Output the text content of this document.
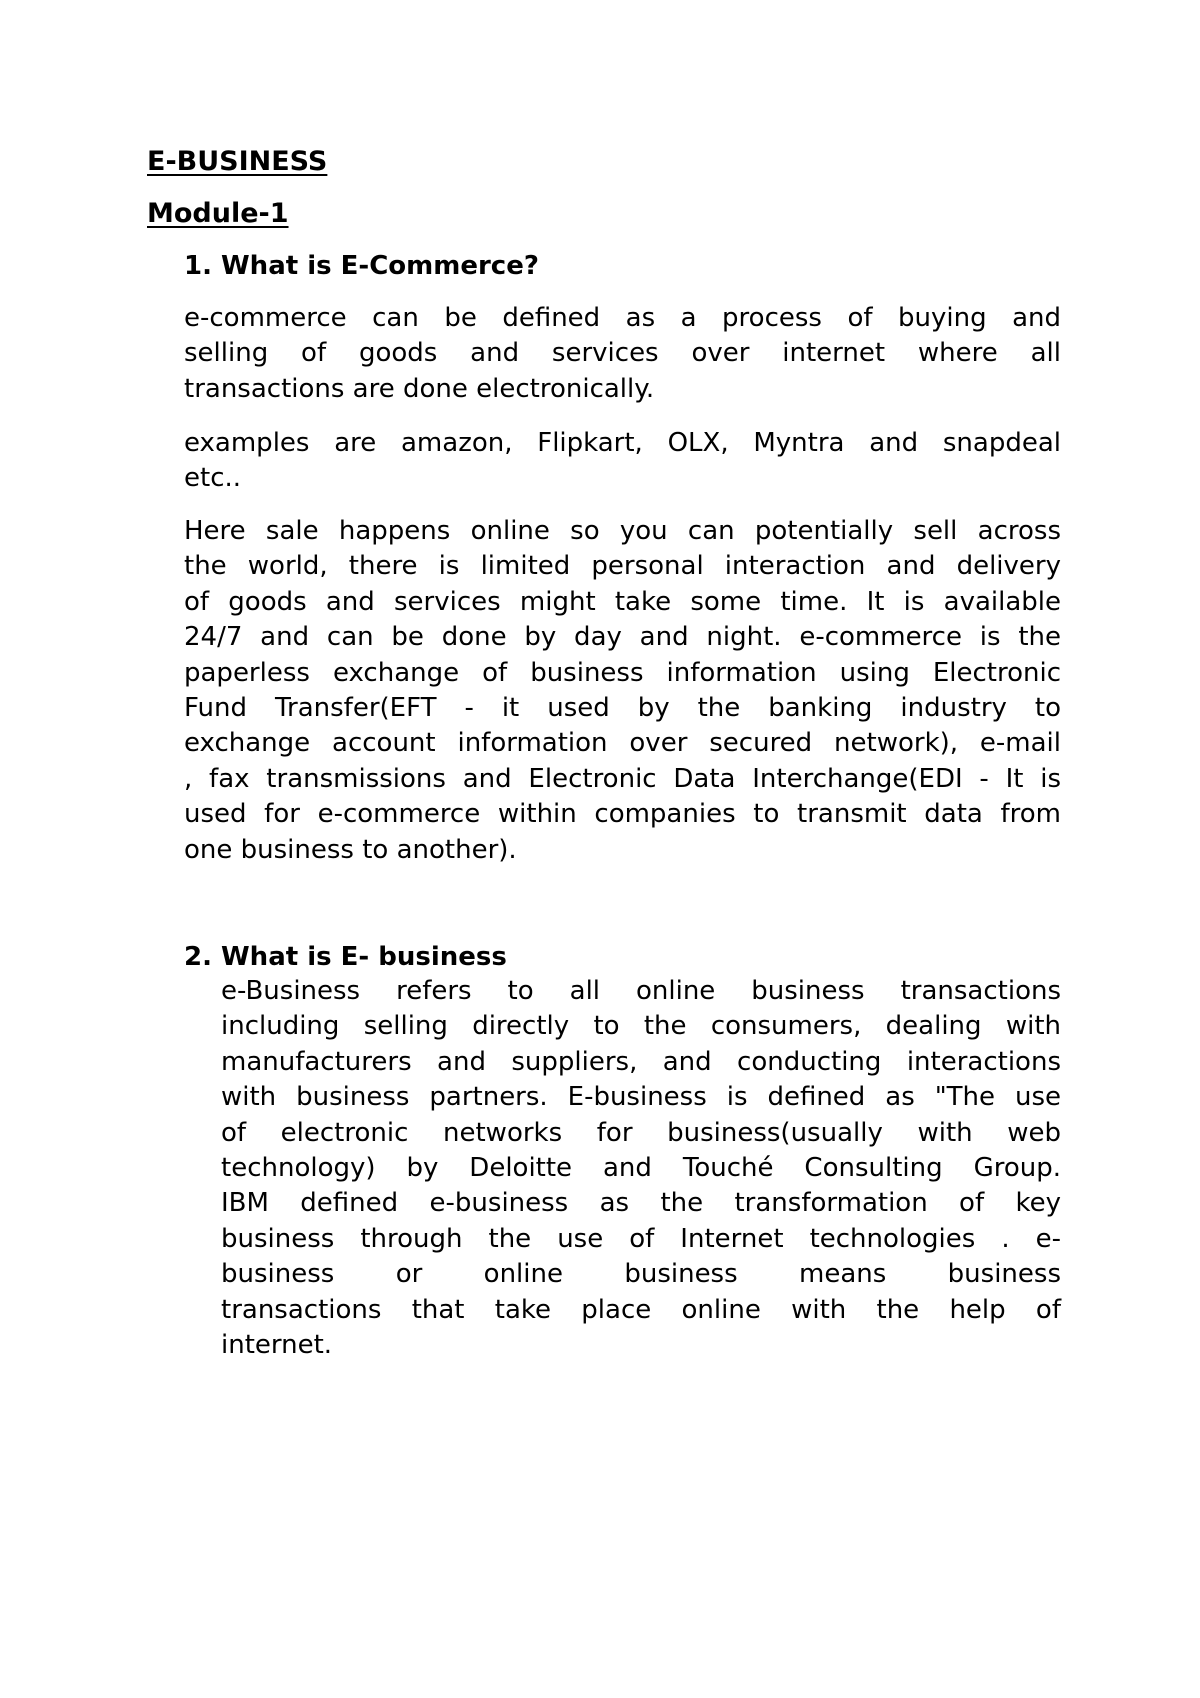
E-BUSINESS
Module-1
1. What is E-Commerce?
e-commerce can be defined as a process of buying and
selling of goods and services over internet where all
transactions are done electronically.
examples are amazon, Flipkart, OLX, Myntra and snapdeal
etc..
Here sale happens online so you can potentially sell across
the world, there is limited personal interaction and delivery
of goods and services might take some time. It is available
24/7 and can be done by day and night. e-commerce is the
paperless exchange of business information using Electronic
Fund Transfer(EFT - it used by the banking industry to
exchange account information over secured network), e-mail
, fax transmissions and Electronic Data Interchange(EDI - It is
used for e-commerce within companies to transmit data from
one business to another).
2. What is E- business
e-Business refers to all online business transactions
including selling directly to the consumers, dealing with
manufacturers and suppliers, and conducting interactions
with business partners. E-business is defined as "The use
of electronic networks for business(usually with web
technology) by Deloitte and Touché Consulting Group.
IBM defined e-business as the transformation of key
business through the use of Internet technologies . e-
business or online business means business
transactions that take place online with the help of
internet.
